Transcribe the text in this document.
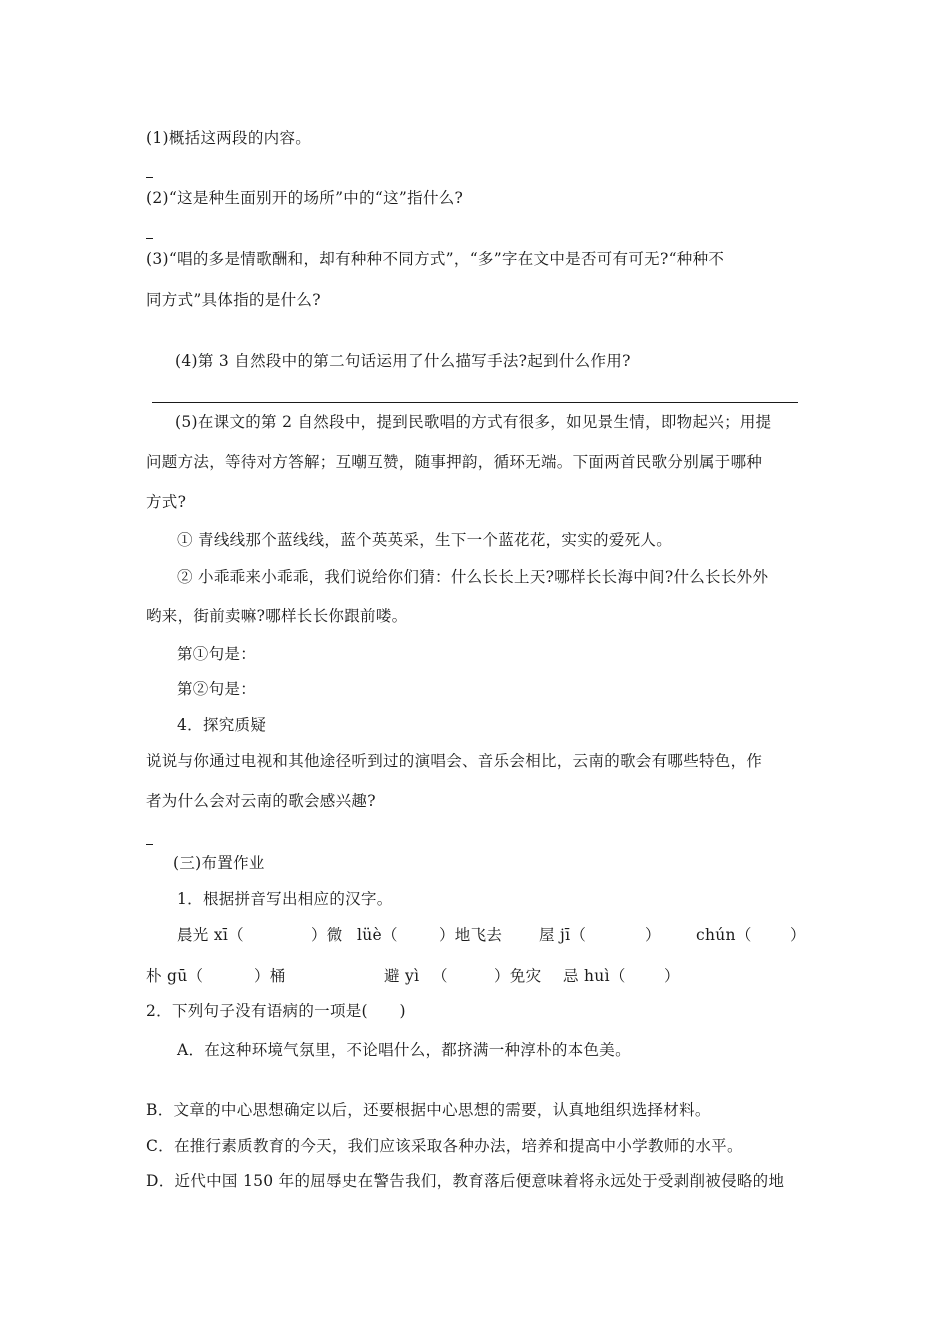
(1)概括这两段的内容。
(2)“这是种生面别开的场所”中的“这”指什么?
(3)“唱的多是情歌酬和，却有种种不同方式”，“多”字在文中是否可有可无?“种种不
同方式”具体指的是什么?
(4)第 3 自然段中的第二句话运用了什么描写手法?起到什么作用?
(5)在课文的第 2 自然段中，提到民歌唱的方式有很多，如见景生情，即物起兴；用提
问题方法，等待对方答解；互嘲互赞，随事押韵，循环无端。下面两首民歌分别属于哪种
方式?
① 青线线那个蓝线线，蓝个英英采，生下一个蓝花花，实实的爱死人。
② 小乖乖来小乖乖，我们说给你们猜：什么长长上天?哪样长长海中间?什么长长外外
哟来，街前卖嘛?哪样长长你跟前喽。
第①句是：
第②句是：
4．探究质疑
说说与你通过电视和其他途径听到过的演唱会、音乐会相比，云南的歌会有哪些特色，作
者为什么会对云南的歌会感兴趣?
(三)布置作业
1．根据拼音写出相应的汉字。
晨光 xī（	）微 lüè（	）地飞去 屋 jī（	） chún（ ）
朴 gū（	）桶	避 yì （	）免灾 忌 huì（ ）
2．下列句子没有语病的一项是(　　)
A．在这种环境气氛里，不论唱什么，都挤满一种淳朴的本色美。
B．文章的中心思想确定以后，还要根据中心思想的需要，认真地组织选择材料。
C．在推行素质教育的今天，我们应该采取各种办法，培养和提高中小学教师的水平。
D．近代中国 150 年的屈辱史在警告我们，教育落后便意味着将永远处于受剥削被侵略的地
